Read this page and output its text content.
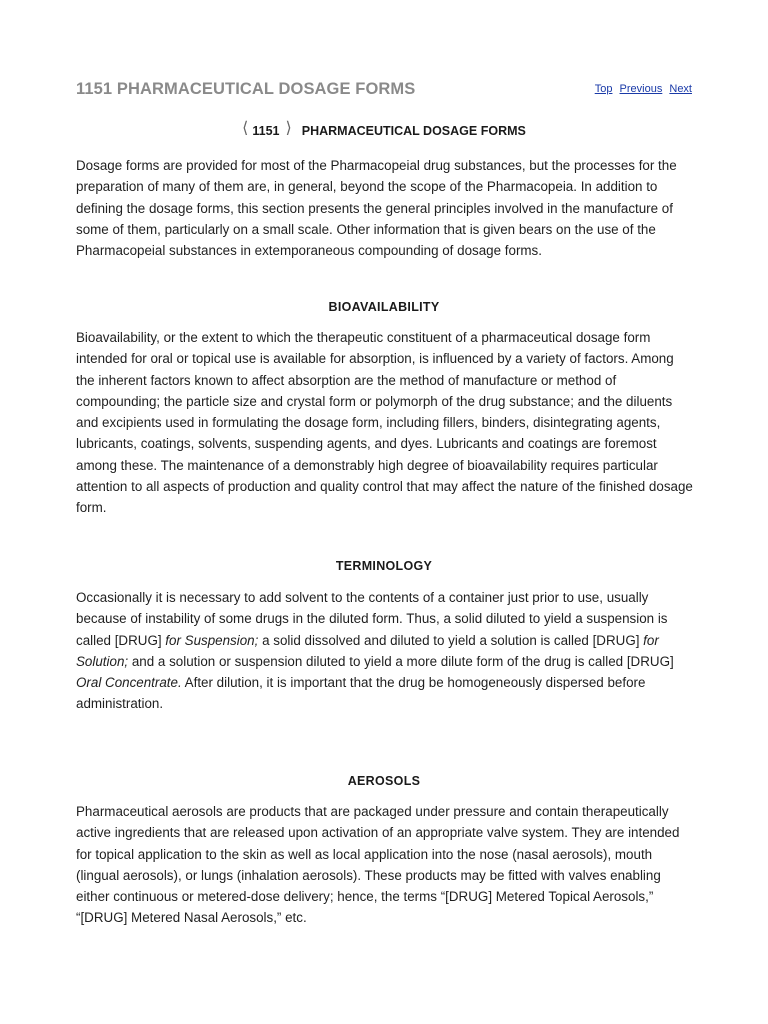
1151 PHARMACEUTICAL DOSAGE FORMS	Top Previous Next
⟨ 1151 ⟩ PHARMACEUTICAL DOSAGE FORMS

Dosage forms are provided for most of the Pharmacopeial drug substances, but the processes for the preparation of many of them are, in general, beyond the scope of the Pharmacopeia. In addition to defining the dosage forms, this section presents the general principles involved in the manufacture of some of them, particularly on a small scale. Other information that is given bears on the use of the Pharmacopeial substances in extemporaneous compounding of dosage forms.

BIOAVAILABILITY

Bioavailability, or the extent to which the therapeutic constituent of a pharmaceutical dosage form intended for oral or topical use is available for absorption, is influenced by a variety of factors. Among the inherent factors known to affect absorption are the method of manufacture or method of compounding; the particle size and crystal form or polymorph of the drug substance; and the diluents and excipients used in formulating the dosage form, including fillers, binders, disintegrating agents, lubricants, coatings, solvents, suspending agents, and dyes. Lubricants and coatings are foremost among these. The maintenance of a demonstrably high degree of bioavailability requires particular attention to all aspects of production and quality control that may affect the nature of the finished dosage form.

TERMINOLOGY

Occasionally it is necessary to add solvent to the contents of a container just prior to use, usually because of instability of some drugs in the diluted form. Thus, a solid diluted to yield a suspension is called [DRUG] for Suspension; a solid dissolved and diluted to yield a solution is called [DRUG] for Solution; and a solution or suspension diluted to yield a more dilute form of the drug is called [DRUG] Oral Concentrate. After dilution, it is important that the drug be homogeneously dispersed before administration.

AEROSOLS

Pharmaceutical aerosols are products that are packaged under pressure and contain therapeutically active ingredients that are released upon activation of an appropriate valve system. They are intended for topical application to the skin as well as local application into the nose (nasal aerosols), mouth (lingual aerosols), or lungs (inhalation aerosols). These products may be fitted with valves enabling either continuous or metered-dose delivery; hence, the terms “[DRUG] Metered Topical Aerosols,” “[DRUG] Metered Nasal Aerosols,” etc.
